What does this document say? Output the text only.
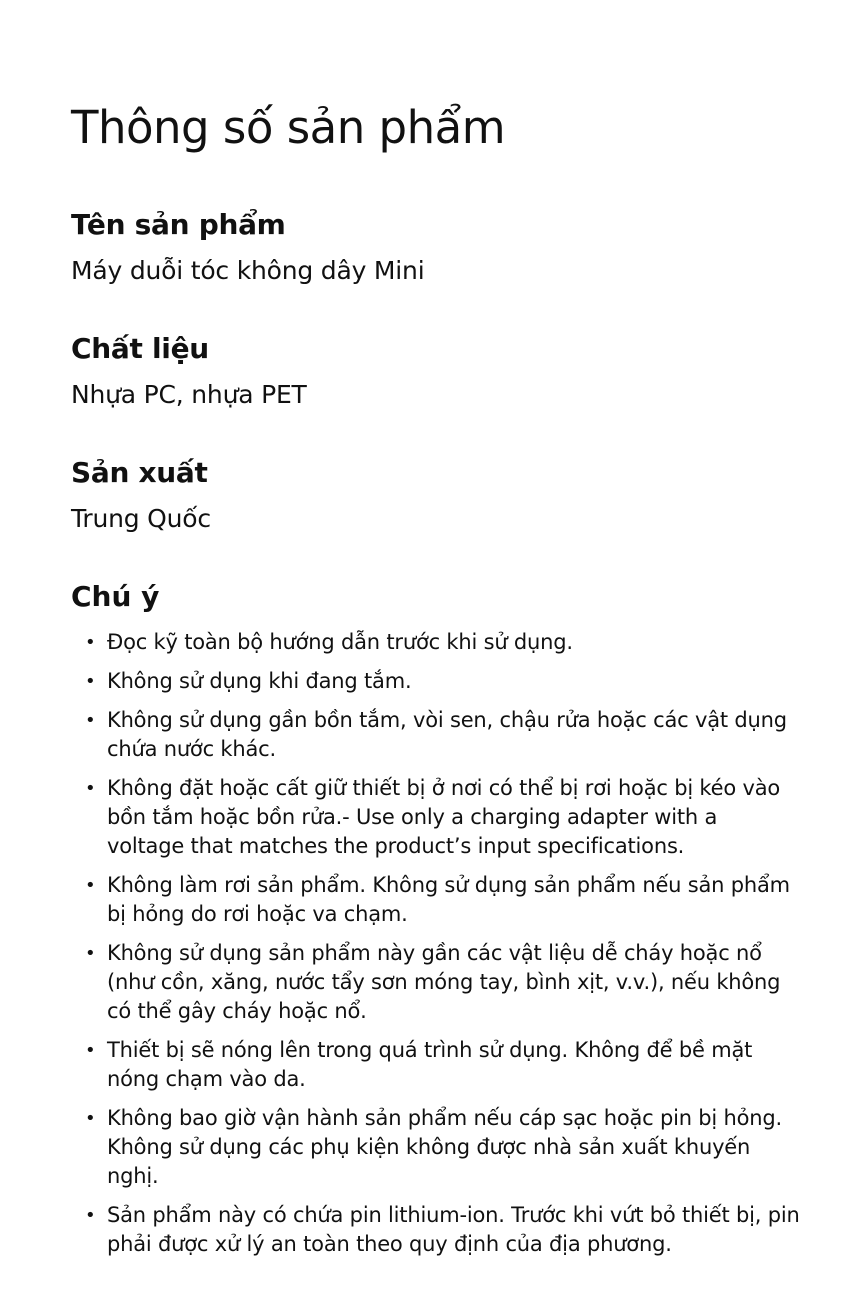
Thông số sản phẩm
Tên sản phẩm

Máy duỗi tóc không dây Mini

Chất liệu

Nhựa PC, nhựa PET

Sản xuất

Trung Quốc

Chú ý
• Đọc kỹ toàn bộ hướng dẫn trước khi sử dụng.
• Không sử dụng khi đang tắm.
• Không sử dụng gần bồn tắm, vòi sen, chậu rửa hoặc các vật dụng chứa nước khác.
• Không đặt hoặc cất giữ thiết bị ở nơi có thể bị rơi hoặc bị kéo vào bồn tắm hoặc bồn rửa.- Use only a charging adapter with a voltage that matches the product’s input specifications.
• Không làm rơi sản phẩm. Không sử dụng sản phẩm nếu sản phẩm bị hỏng do rơi hoặc va chạm.
• Không sử dụng sản phẩm này gần các vật liệu dễ cháy hoặc nổ (như cồn, xăng, nước tẩy sơn móng tay, bình xịt, v.v.), nếu không có thể gây cháy hoặc nổ.
• Thiết bị sẽ nóng lên trong quá trình sử dụng. Không để bề mặt nóng chạm vào da.
• Không bao giờ vận hành sản phẩm nếu cáp sạc hoặc pin bị hỏng. Không sử dụng các phụ kiện không được nhà sản xuất khuyến nghị.
• Sản phẩm này có chứa pin lithium-ion. Trước khi vứt bỏ thiết bị, pin phải được xử lý an toàn theo quy định của địa phương.
